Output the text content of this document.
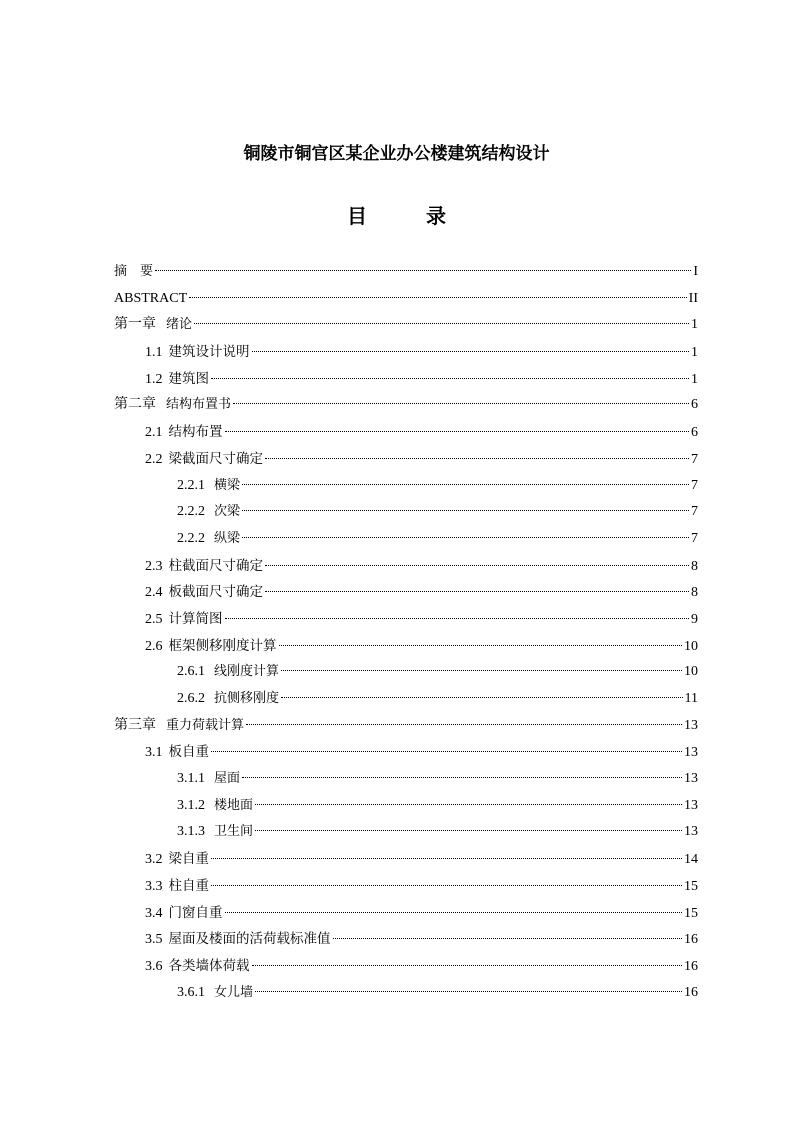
铜陵市铜官区某企业办公楼建筑结构设计
目 录
摘　要	I
ABSTRACT	II
第一章 绪论	1
1.1 建筑设计说明	1
1.2 建筑图	1
第二章 结构布置书	6
2.1 结构布置	6
2.2 梁截面尺寸确定	7
2.2.1 横梁	7
2.2.2 次梁	7
2.2.2 纵梁	7
2.3 柱截面尺寸确定	8
2.4 板截面尺寸确定	8
2.5 计算简图	9
2.6 框架侧移刚度计算	10
2.6.1 线刚度计算	10
2.6.2 抗侧移刚度	11
第三章 重力荷载计算	13
3.1 板自重	13
3.1.1 屋面	13
3.1.2 楼地面	13
3.1.3 卫生间	13
3.2 梁自重	14
3.3 柱自重	15
3.4 门窗自重	15
3.5 屋面及楼面的活荷载标准值	16
3.6 各类墙体荷载	16
3.6.1 女儿墙	16
